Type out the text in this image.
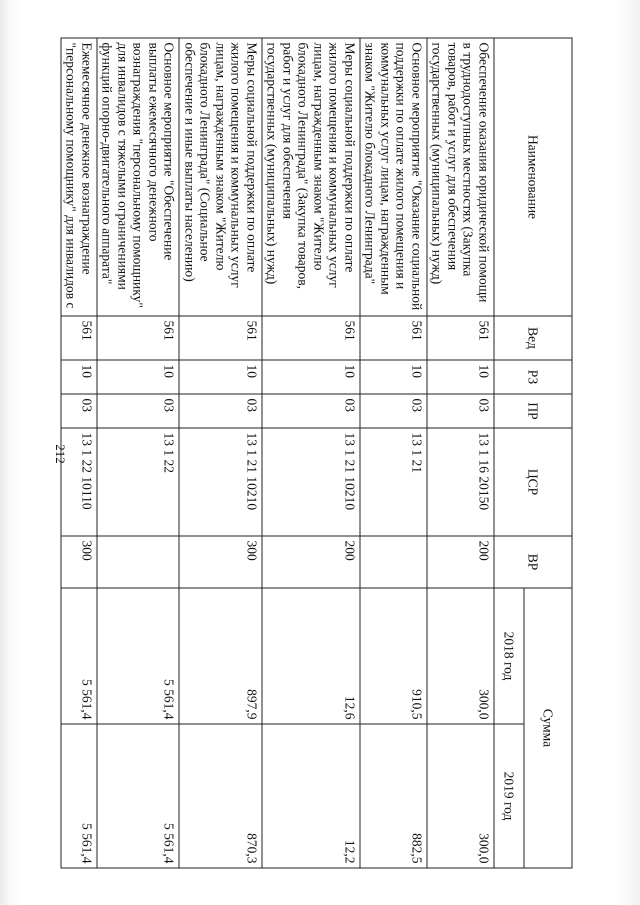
212
Наименование	Вед	РЗ	ПР	ЦСР	ВР	Сумма	
						2018 год	2019 год
Обеспечение оказания юридической помощи в труднодоступных местностях (Закупка товаров, работ и услуг для обеспечения государственных (муниципальных) нужд)	561	10	03	13 1 16 20150	200	300,0	300,0
Основное мероприятие "Оказание социальной поддержки по оплате жилого помещения и коммунальных услуг лицам, награжденным знаком "Жителю блокадного Ленинграда"	561	10	03	13 1 21		910,5	882,5
Меры социальной поддержки по оплате жилого помещения и коммунальных услуг лицам, награжденным знаком "Жителю блокадного Ленинграда" (Закупка товаров, работ и услуг для обеспечения государственных (муниципальных) нужд)	561	10	03	13 1 21 10210	200	12,6	12,2
Меры социальной поддержки по оплате жилого помещения и коммунальных услуг лицам, награжденным знаком "Жителю блокадного Ленинграда" (Социальное обеспечение и иные выплаты населению)	561	10	03	13 1 21 10210	300	897,9	870,3
Основное мероприятие "Обеспечение выплаты ежемесячного денежного вознаграждения "персональному помощнику" для инвалидов с тяжелыми ограничениями функций опорно-двигательного аппарата"	561	10	03	13 1 22		5 561,4	5 561,4
Ежемесячное денежное вознаграждение "персональному помощнику" для инвалидов с	561	10	03	13 1 22 10110	300	5 561,4	5 561,4
